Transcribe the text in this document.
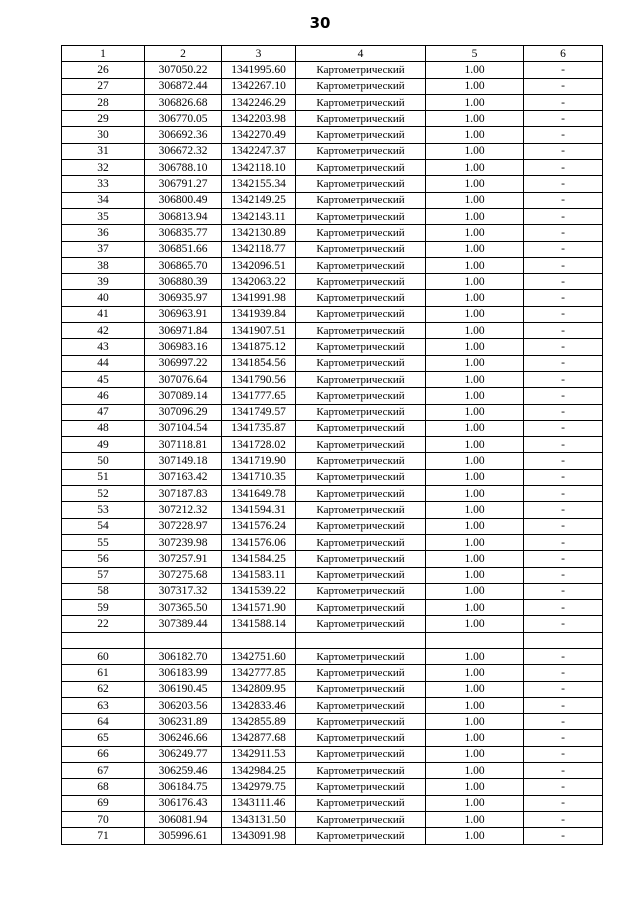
30
1	2	3	4	5	6
26	307050.22	1341995.60	Картометрический	1.00	-
27	306872.44	1342267.10	Картометрический	1.00	-
28	306826.68	1342246.29	Картометрический	1.00	-
29	306770.05	1342203.98	Картометрический	1.00	-
30	306692.36	1342270.49	Картометрический	1.00	-
31	306672.32	1342247.37	Картометрический	1.00	-
32	306788.10	1342118.10	Картометрический	1.00	-
33	306791.27	1342155.34	Картометрический	1.00	-
34	306800.49	1342149.25	Картометрический	1.00	-
35	306813.94	1342143.11	Картометрический	1.00	-
36	306835.77	1342130.89	Картометрический	1.00	-
37	306851.66	1342118.77	Картометрический	1.00	-
38	306865.70	1342096.51	Картометрический	1.00	-
39	306880.39	1342063.22	Картометрический	1.00	-
40	306935.97	1341991.98	Картометрический	1.00	-
41	306963.91	1341939.84	Картометрический	1.00	-
42	306971.84	1341907.51	Картометрический	1.00	-
43	306983.16	1341875.12	Картометрический	1.00	-
44	306997.22	1341854.56	Картометрический	1.00	-
45	307076.64	1341790.56	Картометрический	1.00	-
46	307089.14	1341777.65	Картометрический	1.00	-
47	307096.29	1341749.57	Картометрический	1.00	-
48	307104.54	1341735.87	Картометрический	1.00	-
49	307118.81	1341728.02	Картометрический	1.00	-
50	307149.18	1341719.90	Картометрический	1.00	-
51	307163.42	1341710.35	Картометрический	1.00	-
52	307187.83	1341649.78	Картометрический	1.00	-
53	307212.32	1341594.31	Картометрический	1.00	-
54	307228.97	1341576.24	Картометрический	1.00	-
55	307239.98	1341576.06	Картометрический	1.00	-
56	307257.91	1341584.25	Картометрический	1.00	-
57	307275.68	1341583.11	Картометрический	1.00	-
58	307317.32	1341539.22	Картометрический	1.00	-
59	307365.50	1341571.90	Картометрический	1.00	-
22	307389.44	1341588.14	Картометрический	1.00	-

60	306182.70	1342751.60	Картометрический	1.00	-
61	306183.99	1342777.85	Картометрический	1.00	-
62	306190.45	1342809.95	Картометрический	1.00	-
63	306203.56	1342833.46	Картометрический	1.00	-
64	306231.89	1342855.89	Картометрический	1.00	-
65	306246.66	1342877.68	Картометрический	1.00	-
66	306249.77	1342911.53	Картометрический	1.00	-
67	306259.46	1342984.25	Картометрический	1.00	-
68	306184.75	1342979.75	Картометрический	1.00	-
69	306176.43	1343111.46	Картометрический	1.00	-
70	306081.94	1343131.50	Картометрический	1.00	-
71	305996.61	1343091.98	Картометрический	1.00	-
